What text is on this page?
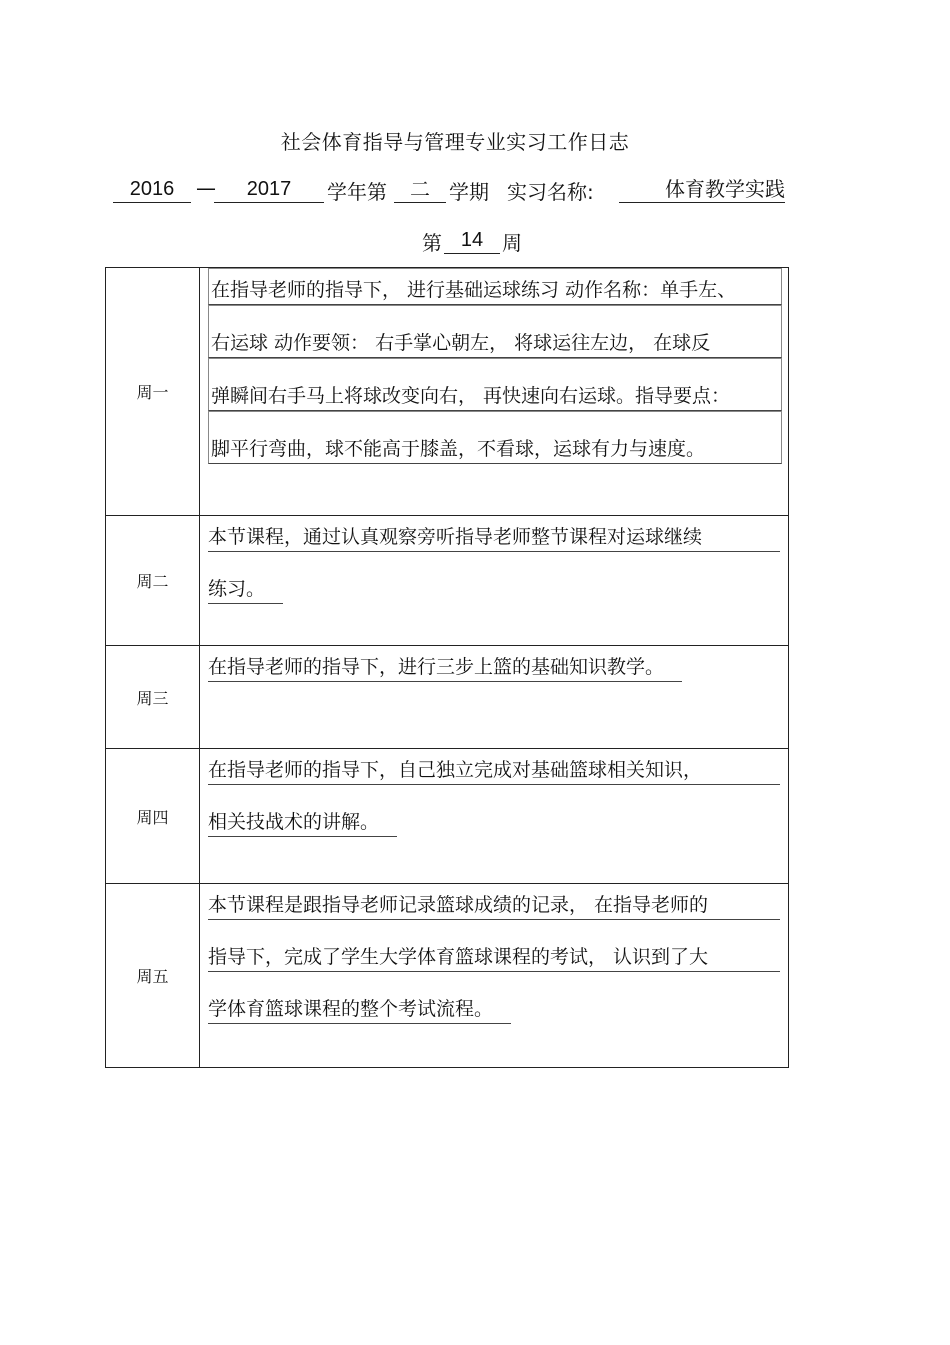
社会体育指导与管理专业实习工作日志
2016	—	2017	学年第	二 学期 实习名称:	体育教学实践
第 14 周
周一	在指导老师的指导下， 进行基础运球练习 动作名称：单手左、
右运球 动作要领： 右手掌心朝左， 将球运往左边， 在球反
弹瞬间右手马上将球改变向右， 再快速向右运球。指导要点：
脚平行弯曲，球不能高于膝盖，不看球，运球有力与速度。

周二	本节课程，通过认真观察旁听指导老师整节课程对运球继续
练习。

周三	在指导老师的指导下，进行三步上篮的基础知识教学。

周四	在指导老师的指导下，自己独立完成对基础篮球相关知识，
相关技战术的讲解。

周五	本节课程是跟指导老师记录篮球成绩的记录， 在指导老师的
指导下，完成了学生大学体育篮球课程的考试， 认识到了大
学体育篮球课程的整个考试流程。
